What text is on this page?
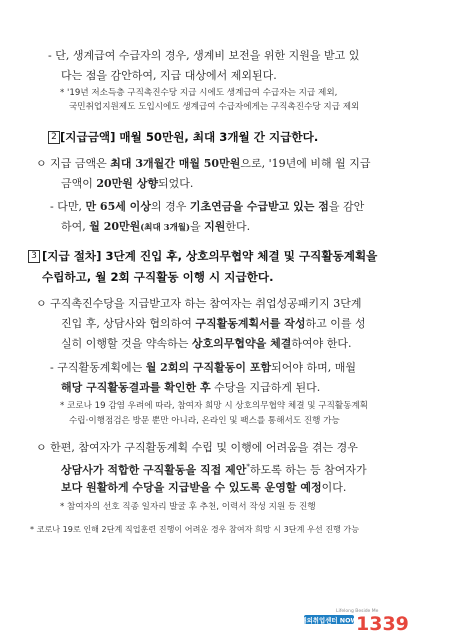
- 단, 생계급여 수급자의 경우, 생계비 보전을 위한 지원을 받고 있
다는 점을 감안하여, 지급 대상에서 제외된다.
* '19년 저소득층 구직촉진수당 지급 시에도 생계급여 수급자는 지급 제외,
국민취업지원제도 도입시에도 생계급여 수급자에게는 구직촉진수당 지급 제외
2 [지급금액] 매월 50만원, 최대 3개월 간 지급한다.
ㅇ 지급 금액은 최대 3개월간 매월 50만원으로, '19년에 비해 월 지급
금액이 20만원 상향되었다.
- 다만, 만 65세 이상의 경우 기초연금을 수급받고 있는 점을 감안
하여, 월 20만원(최대 3개월)을 지원한다.
3 [지급 절차] 3단계 진입 후, 상호의무협약 체결 및 구직활동계획을
수립하고, 월 2회 구직활동 이행 시 지급한다.
ㅇ 구직촉진수당을 지급받고자 하는 참여자는 취업성공패키지 3단계
진입 후, 상담사와 협의하여 구직활동계획서를 작성하고 이를 성
실히 이행할 것을 약속하는 상호의무협약을 체결하여야 한다.
- 구직활동계획에는 월 2회의 구직활동이 포함되어야 하며, 매월
해당 구직활동결과를 확인한 후 수당을 지급하게 된다.
* 코로나 19 감염 우려에 따라, 참여자 희망 시 상호의무협약 체결 및 구직활동계획
수립·이행점검은 방문 뿐만 아니라, 온라인 및 팩스를 통해서도 진행 가능
ㅇ 한편, 참여자가 구직활동계획 수립 및 이행에 어려움을 겪는 경우
상담사가 적합한 구직활동을 직접 제안*하도록 하는 등 참여자가
보다 원활하게 수당을 지급받을 수 있도록 운영할 예정이다.
* 참여자의 선호 직종 일자리 발굴 후 추천, 이력서 작성 지원 등 진행
* 코로나 19로 인해 2단계 직업훈련 진행이 어려운 경우 참여자 희망 시 3단계 우선 진행 가능
Lifelong Beside Me
해외취업센터 NOW
1339
